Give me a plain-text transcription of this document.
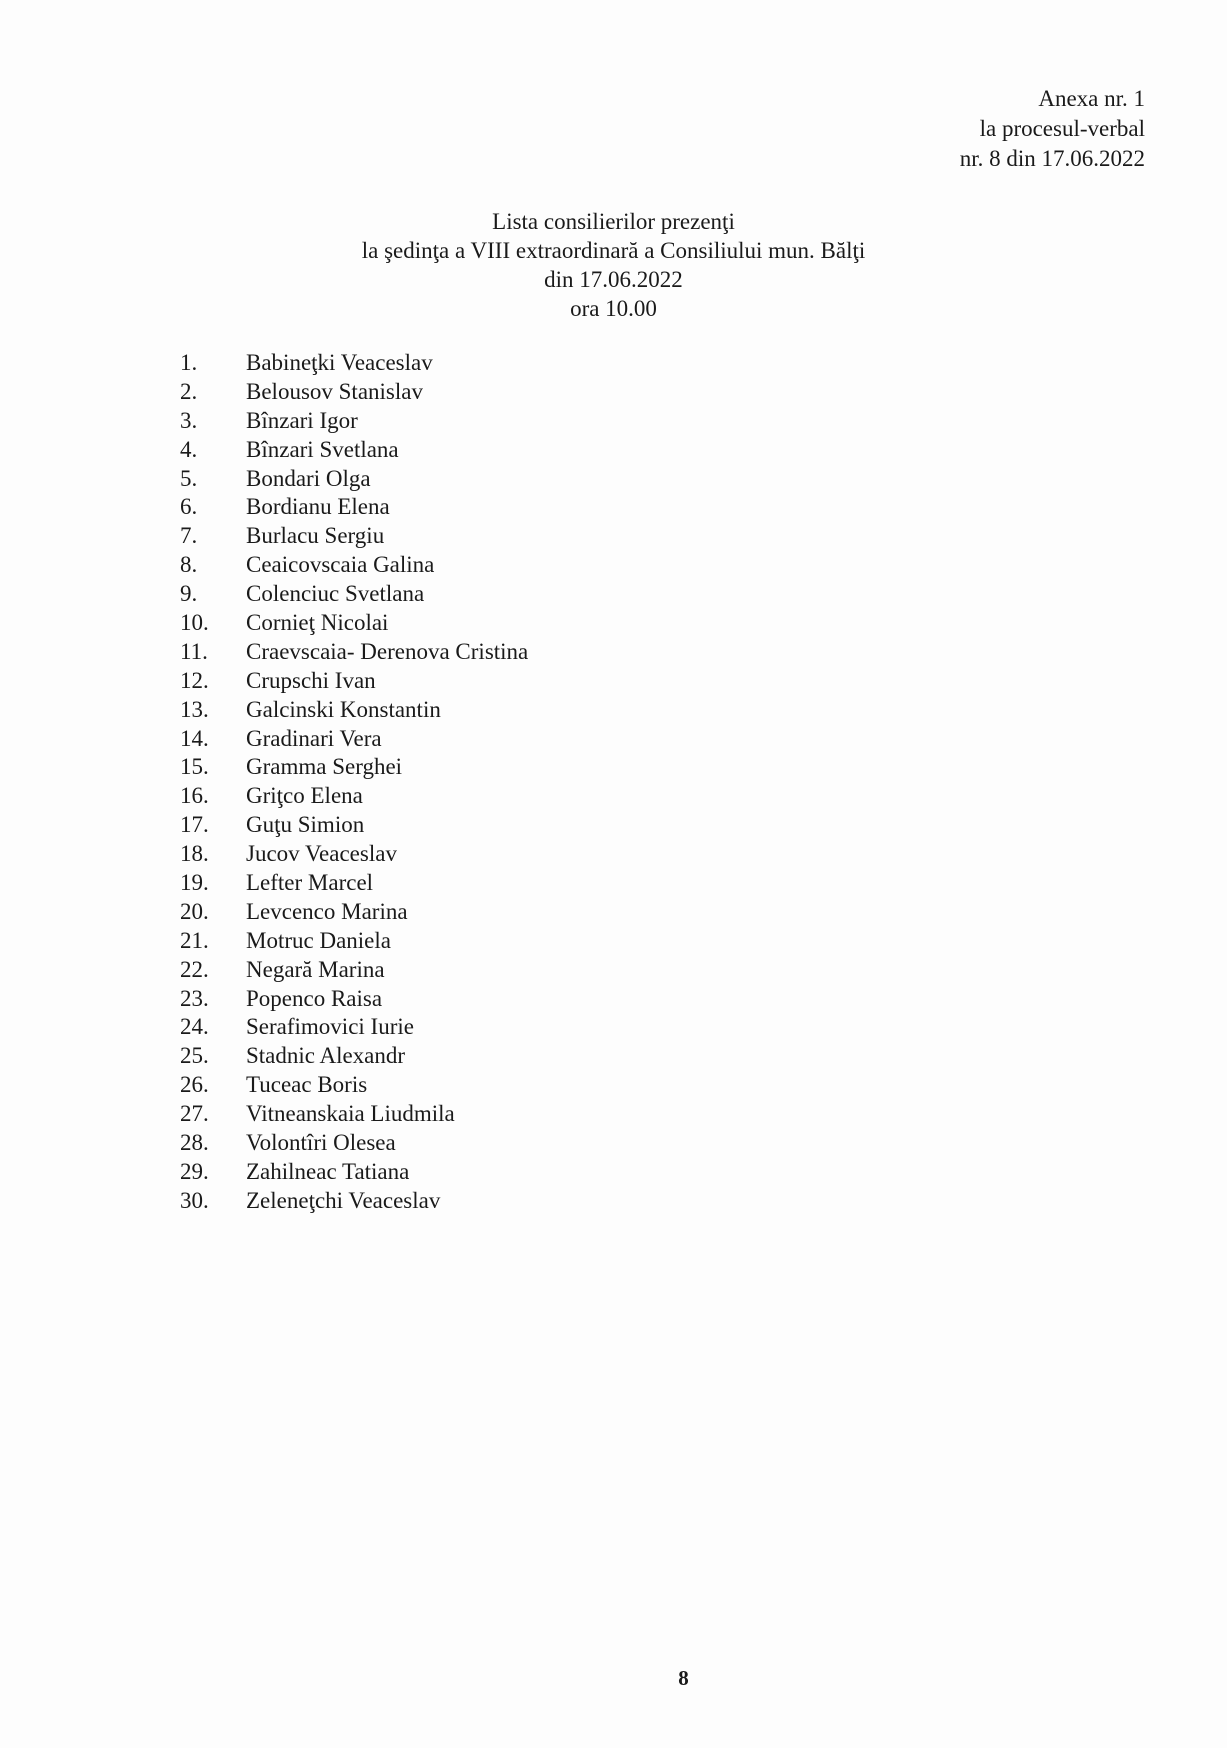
Anexa nr. 1
la procesul-verbal
nr. 8 din 17.06.2022
Lista consilierilor prezenţi
la şedinţa a VIII extraordinară a Consiliului mun. Bălţi
din 17.06.2022
ora 10.00
1.	Babineţki Veaceslav
2.	Belousov Stanislav
3.	Bînzari Igor
4.	Bînzari Svetlana
5.	Bondari Olga
6.	Bordianu Elena
7.	Burlacu Sergiu
8.	Ceaicovscaia Galina
9.	Colenciuc Svetlana
10.	Cornieţ Nicolai
11.	Craevscaia- Derenova Cristina
12.	Crupschi Ivan
13.	Galcinski Konstantin
14.	Gradinari Vera
15.	Gramma Serghei
16.	Griţco Elena
17.	Guţu Simion
18.	Jucov Veaceslav
19.	Lefter Marcel
20.	Levcenco Marina
21.	Motruc Daniela
22.	Negară Marina
23.	Popenco Raisa
24.	Serafimovici Iurie
25.	Stadnic Alexandr
26.	Tuceac Boris
27.	Vitneanskaia Liudmila
28.	Volontîri Olesea
29.	Zahilneac Tatiana
30.	Zeleneţchi Veaceslav
8
